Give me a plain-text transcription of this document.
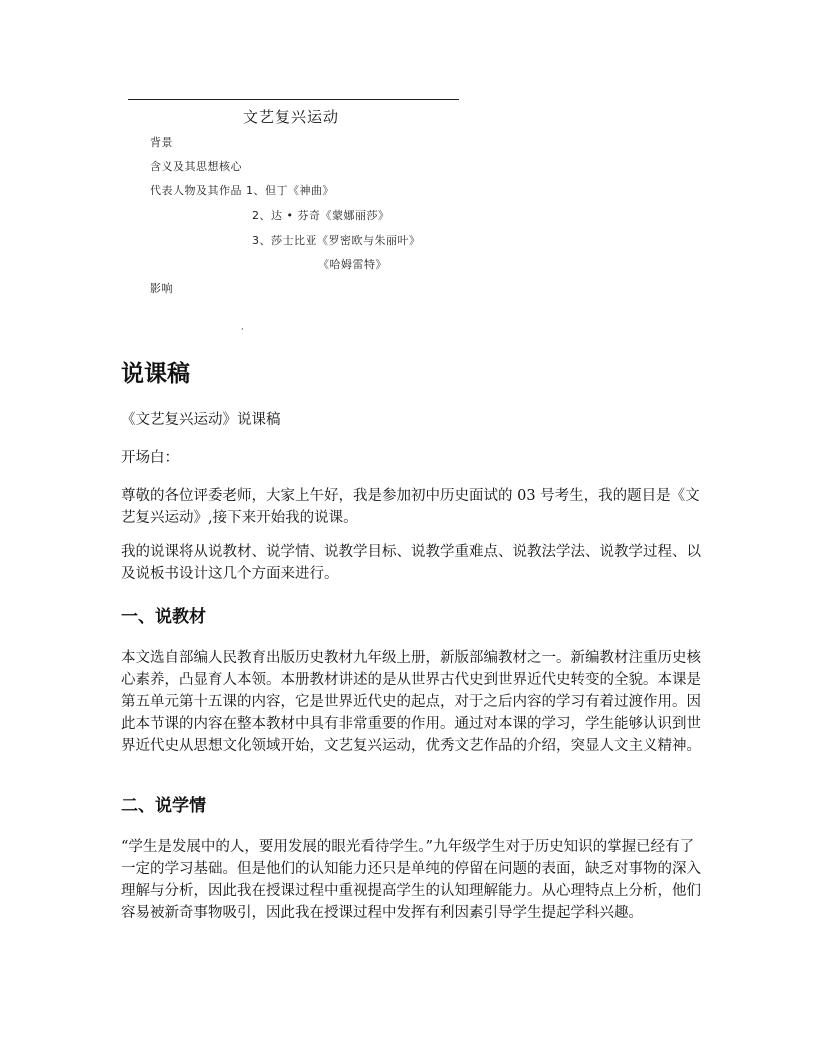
文艺复兴运动
背景
含义及其思想核心
代表人物及其作品 1、但丁《神曲》
2、达 • 芬奇《蒙娜丽莎》
3、莎士比亚《罗密欧与朱丽叶》
《哈姆雷特》
影响
,
说课稿
《文艺复兴运动》说课稿
开场白：
尊敬的各位评委老师，大家上午好，我是参加初中历史面试的 03 号考生，我的题目是《文艺复兴运动》,接下来开始我的说课。
我的说课将从说教材、说学情、说教学目标、说教学重难点、说教法学法、说教学过程、以及说板书设计这几个方面来进行。
一、说教材
本文选自部编人民教育出版历史教材九年级上册，新版部编教材之一。新编教材注重历史核心素养，凸显育人本领。本册教材讲述的是从世界古代史到世界近代史转变的全貌。本课是第五单元第十五课的内容，它是世界近代史的起点，对于之后内容的学习有着过渡作用。因此本节课的内容在整本教材中具有非常重要的作用。通过对本课的学习，学生能够认识到世界近代史从思想文化领域开始，文艺复兴运动，优秀文艺作品的介绍，突显人文主义精神。
二、说学情
“学生是发展中的人，要用发展的眼光看待学生。”九年级学生对于历史知识的掌握已经有了一定的学习基础。但是他们的认知能力还只是单纯的停留在问题的表面，缺乏对事物的深入理解与分析，因此我在授课过程中重视提高学生的认知理解能力。从心理特点上分析，他们容易被新奇事物吸引，因此我在授课过程中发挥有利因素引导学生提起学科兴趣。
